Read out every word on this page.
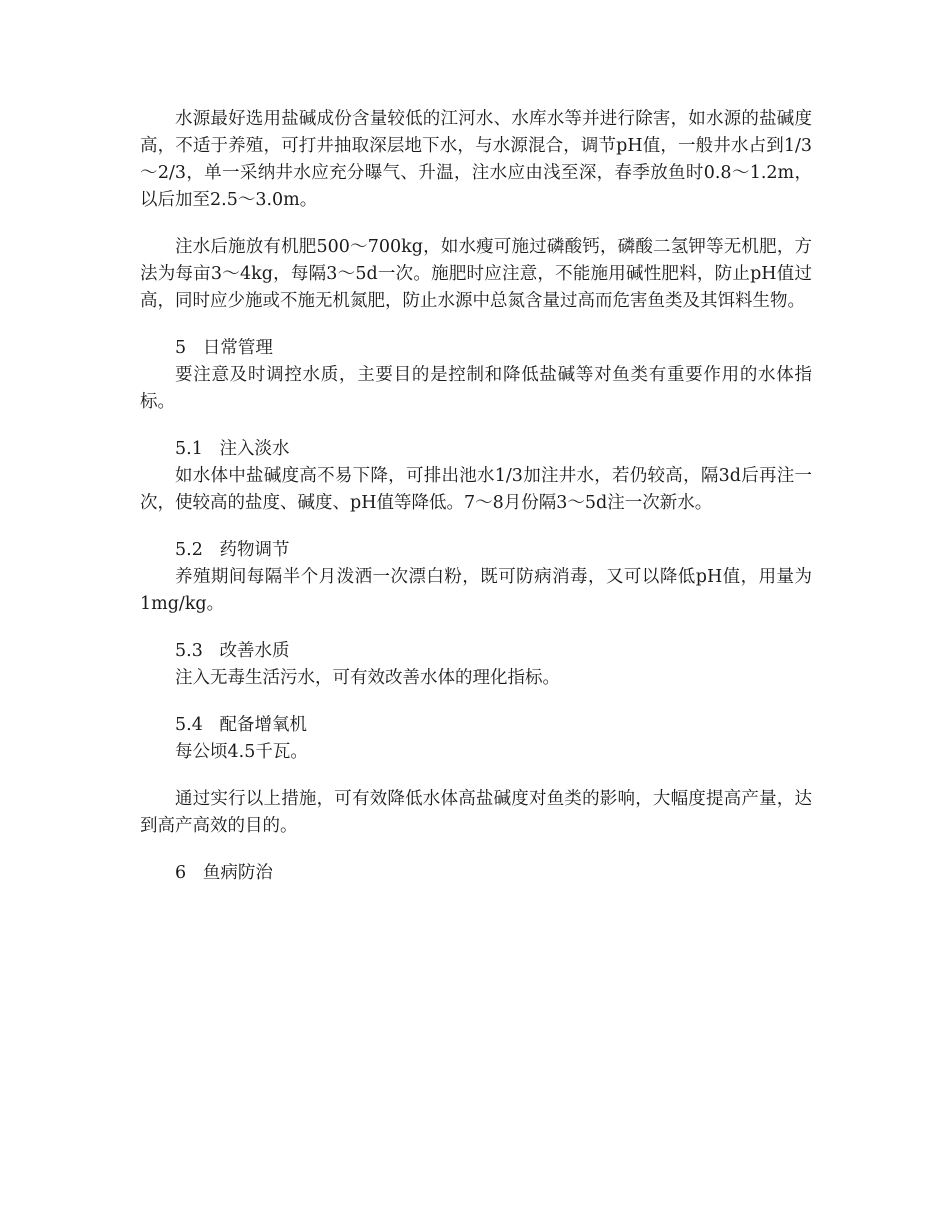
水源最好选用盐碱成份含量较低的江河水、水库水等并进行除害，如水源的盐碱度高，不适于养殖，可打井抽取深层地下水，与水源混合，调节pH值，一般井水占到1/3～2/3，单一采纳井水应充分曝气、升温，注水应由浅至深，春季放鱼时0.8～1.2m，以后加至2.5～3.0m。

注水后施放有机肥500～700kg，如水瘦可施过磷酸钙，磷酸二氢钾等无机肥，方法为每亩3～4kg，每隔3～5d一次。施肥时应注意，不能施用碱性肥料，防止pH值过高，同时应少施或不施无机氮肥，防止水源中总氮含量过高而危害鱼类及其饵料生物。

5   日常管理

要注意及时调控水质，主要目的是控制和降低盐碱等对鱼类有重要作用的水体指标。

5.1   注入淡水

如水体中盐碱度高不易下降，可排出池水1/3加注井水，若仍较高，隔3d后再注一次，使较高的盐度、碱度、pH值等降低。7～8月份隔3～5d注一次新水。

5.2   药物调节

养殖期间每隔半个月泼洒一次漂白粉，既可防病消毒，又可以降低pH值，用量为1mg/kg。

5.3   改善水质

注入无毒生活污水，可有效改善水体的理化指标。

5.4   配备增氧机

每公顷4.5千瓦。

通过实行以上措施，可有效降低水体高盐碱度对鱼类的影响，大幅度提高产量，达到高产高效的目的。

6   鱼病防治
